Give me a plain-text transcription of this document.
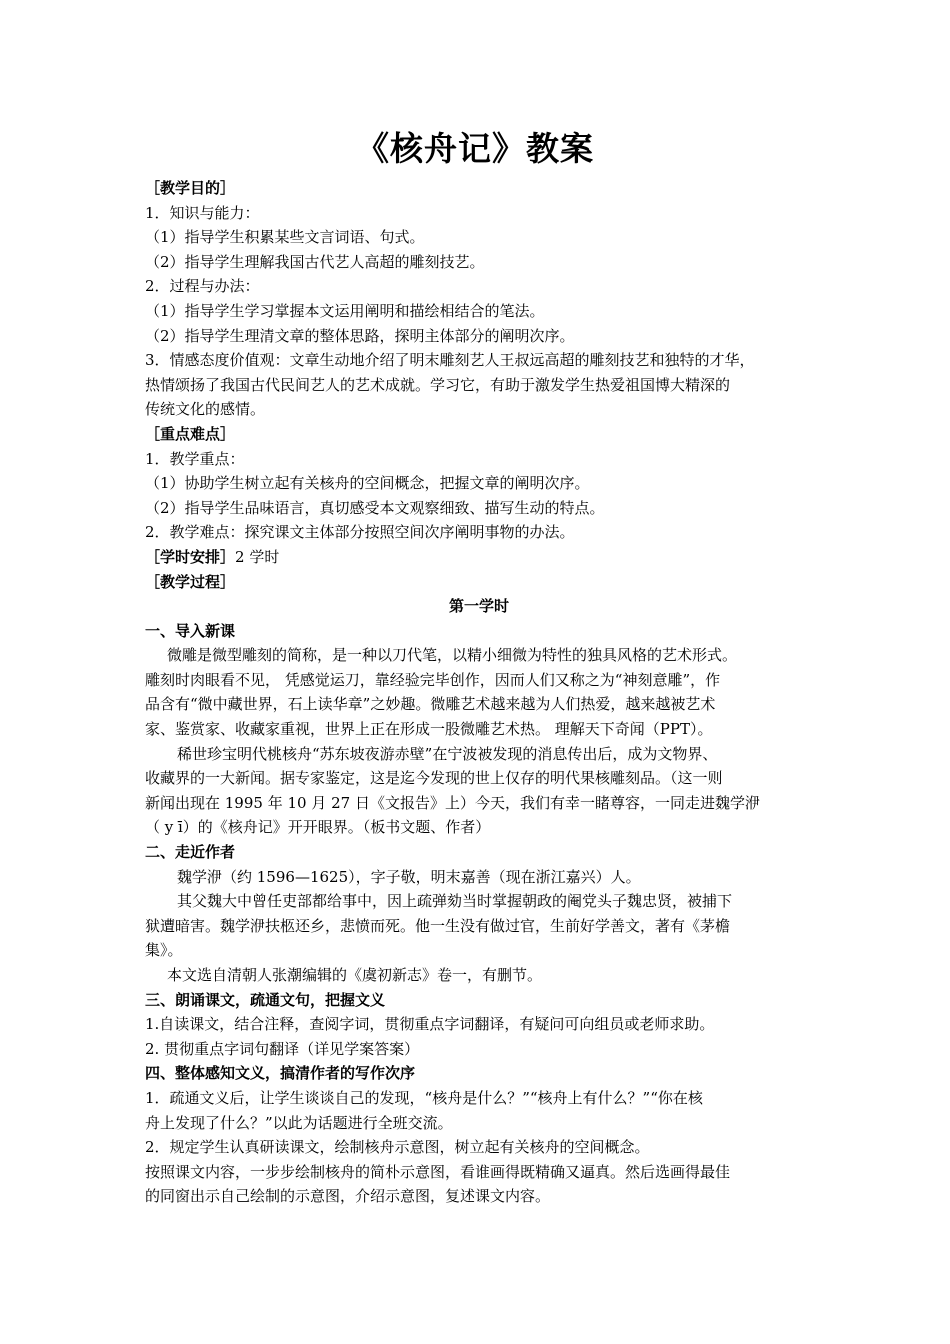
《核舟记》教案
［教学目的］
1．知识与能力：
（1）指导学生积累某些文言词语、句式。
（2）指导学生理解我国古代艺人高超的雕刻技艺。
2．过程与办法：
（1）指导学生学习掌握本文运用阐明和描绘相结合的笔法。
（2）指导学生理清文章的整体思路，探明主体部分的阐明次序。
3．情感态度价值观：文章生动地介绍了明末雕刻艺人王叔远高超的雕刻技艺和独特的才华，
热情颂扬了我国古代民间艺人的艺术成就。学习它，有助于激发学生热爱祖国博大精深的
传统文化的感情。
［重点难点］
1．教学重点：
（1）协助学生树立起有关核舟的空间概念，把握文章的阐明次序。
（2）指导学生品味语言，真切感受本文观察细致、描写生动的特点。
2．教学难点：探究课文主体部分按照空间次序阐明事物的办法。
［学时安排］2 学时
［教学过程］
第一学时
一、导入新课
微雕是微型雕刻的简称，是一种以刀代笔，以精小细微为特性的独具风格的艺术形式。
雕刻时肉眼看不见， 凭感觉运刀，靠经验完毕创作，因而人们又称之为“神刻意雕”，作
品含有“微中藏世界，石上读华章”之妙趣。微雕艺术越来越为人们热爱，越来越被艺术
家、鉴赏家、收藏家重视，世界上正在形成一股微雕艺术热。 理解天下奇闻（PPT）。
稀世珍宝明代桃核舟“苏东坡夜游赤壁”在宁波被发现的消息传出后，成为文物界、
收藏界的一大新闻。据专家鉴定，这是迄今发现的世上仅存的明代果核雕刻品。（这一则
新闻出现在 1995 年 10 月 27 日《文报告》上）今天，我们有幸一睹尊容，一同走进魏学洢
（ y ī）的《核舟记》开开眼界。（板书文题、作者）
二、走近作者
魏学洢（约 1596—1625），字子敬，明末嘉善（现在浙江嘉兴）人。
其父魏大中曾任吏部都给事中，因上疏弹劾当时掌握朝政的阉党头子魏忠贤，被捕下
狱遭暗害。魏学洢扶柩还乡，悲愤而死。他一生没有做过官，生前好学善文，著有《茅檐
集》。
本文选自清朝人张潮编辑的《虞初新志》卷一，有删节。
三、朗诵课文，疏通文句，把握文义
1.自读课文，结合注释，查阅字词，贯彻重点字词翻译，有疑问可向组员或老师求助。
2. 贯彻重点字词句翻译（详见学案答案）
四、整体感知文义，搞清作者的写作次序
1．疏通文义后，让学生谈谈自己的发现，“核舟是什么？”“核舟上有什么？”“你在核
舟上发现了什么？”以此为话题进行全班交流。
2．规定学生认真研读课文，绘制核舟示意图，树立起有关核舟的空间概念。
按照课文内容，一步步绘制核舟的简朴示意图，看谁画得既精确又逼真。然后选画得最佳
的同窗出示自己绘制的示意图，介绍示意图，复述课文内容。
